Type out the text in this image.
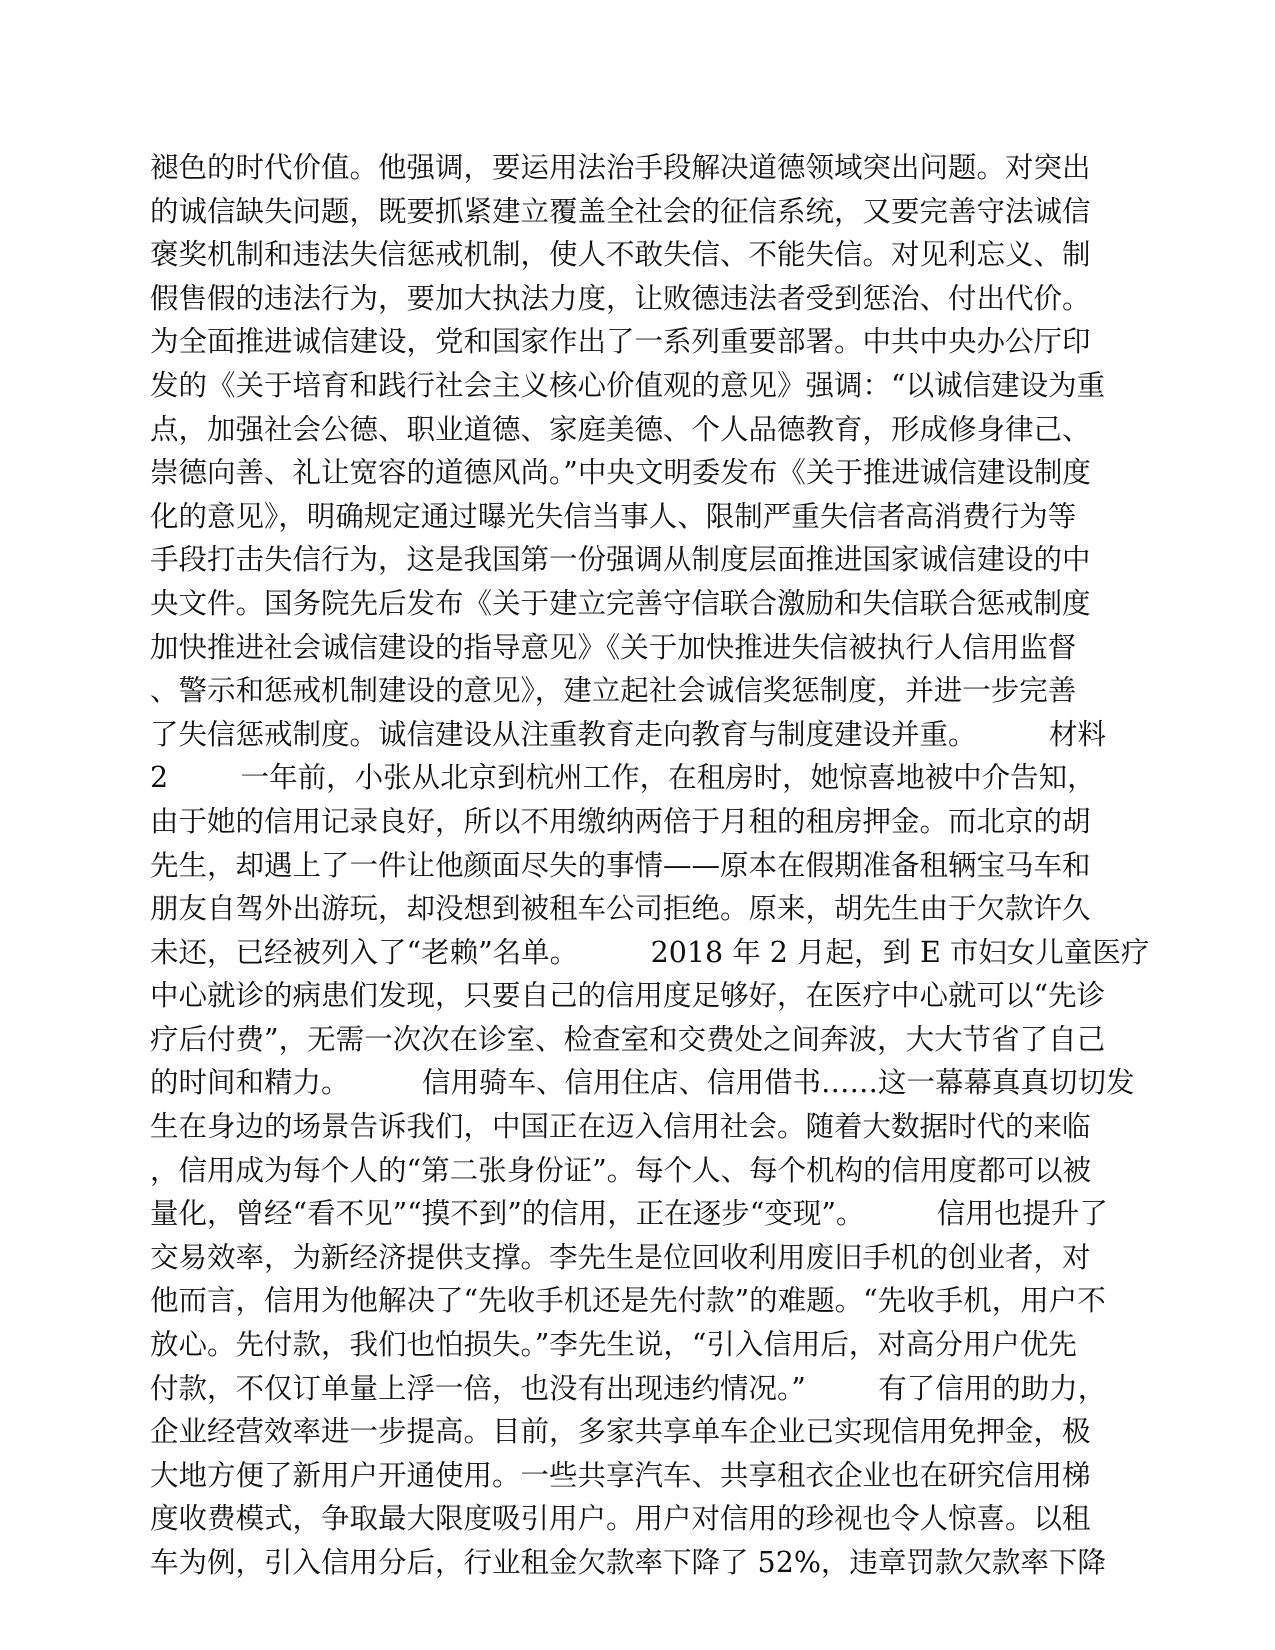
褪色的时代价值。他强调，要运用法治手段解决道德领域突出问题。对突出
的诚信缺失问题，既要抓紧建立覆盖全社会的征信系统，又要完善守法诚信
褒奖机制和违法失信惩戒机制，使人不敢失信、不能失信。对见利忘义、制
假售假的违法行为，要加大执法力度，让败德违法者受到惩治、付出代价。
为全面推进诚信建设，党和国家作出了一系列重要部署。中共中央办公厅印
发的《关于培育和践行社会主义核心价值观的意见》强调：“以诚信建设为重
点，加强社会公德、职业道德、家庭美德、个人品德教育，形成修身律己、
崇德向善、礼让宽容的道德风尚。”中央文明委发布《关于推进诚信建设制度
化的意见》，明确规定通过曝光失信当事人、限制严重失信者高消费行为等
手段打击失信行为，这是我国第一份强调从制度层面推进国家诚信建设的中
央文件。国务院先后发布《关于建立完善守信联合激励和失信联合惩戒制度
加快推进社会诚信建设的指导意见》《关于加快推进失信被执行人信用监督
、警示和惩戒机制建设的意见》，建立起社会诚信奖惩制度，并进一步完善
了失信惩戒制度。诚信建设从注重教育走向教育与制度建设并重。        材料
2        一年前，小张从北京到杭州工作，在租房时，她惊喜地被中介告知，
由于她的信用记录良好，所以不用缴纳两倍于月租的租房押金。而北京的胡
先生，却遇上了一件让他颜面尽失的事情——原本在假期准备租辆宝马车和
朋友自驾外出游玩，却没想到被租车公司拒绝。原来，胡先生由于欠款许久
未还，已经被列入了“老赖”名单。        2018 年 2 月起，到 E 市妇女儿童医疗
中心就诊的病患们发现，只要自己的信用度足够好，在医疗中心就可以“先诊
疗后付费”，无需一次次在诊室、检查室和交费处之间奔波，大大节省了自己
的时间和精力。        信用骑车、信用住店、信用借书……这一幕幕真真切切发
生在身边的场景告诉我们，中国正在迈入信用社会。随着大数据时代的来临
，信用成为每个人的“第二张身份证”。每个人、每个机构的信用度都可以被
量化，曾经“看不见”“摸不到”的信用，正在逐步“变现”。        信用也提升了
交易效率，为新经济提供支撑。李先生是位回收利用废旧手机的创业者，对
他而言，信用为他解决了“先收手机还是先付款”的难题。“先收手机，用户不
放心。先付款，我们也怕损失。”李先生说，“引入信用后，对高分用户优先
付款，不仅订单量上浮一倍，也没有出现违约情况。”        有了信用的助力，
企业经营效率进一步提高。目前，多家共享单车企业已实现信用免押金，极
大地方便了新用户开通使用。一些共享汽车、共享租衣企业也在研究信用梯
度收费模式，争取最大限度吸引用户。用户对信用的珍视也令人惊喜。以租
车为例，引入信用分后，行业租金欠款率下降了 52%，违章罚款欠款率下降
